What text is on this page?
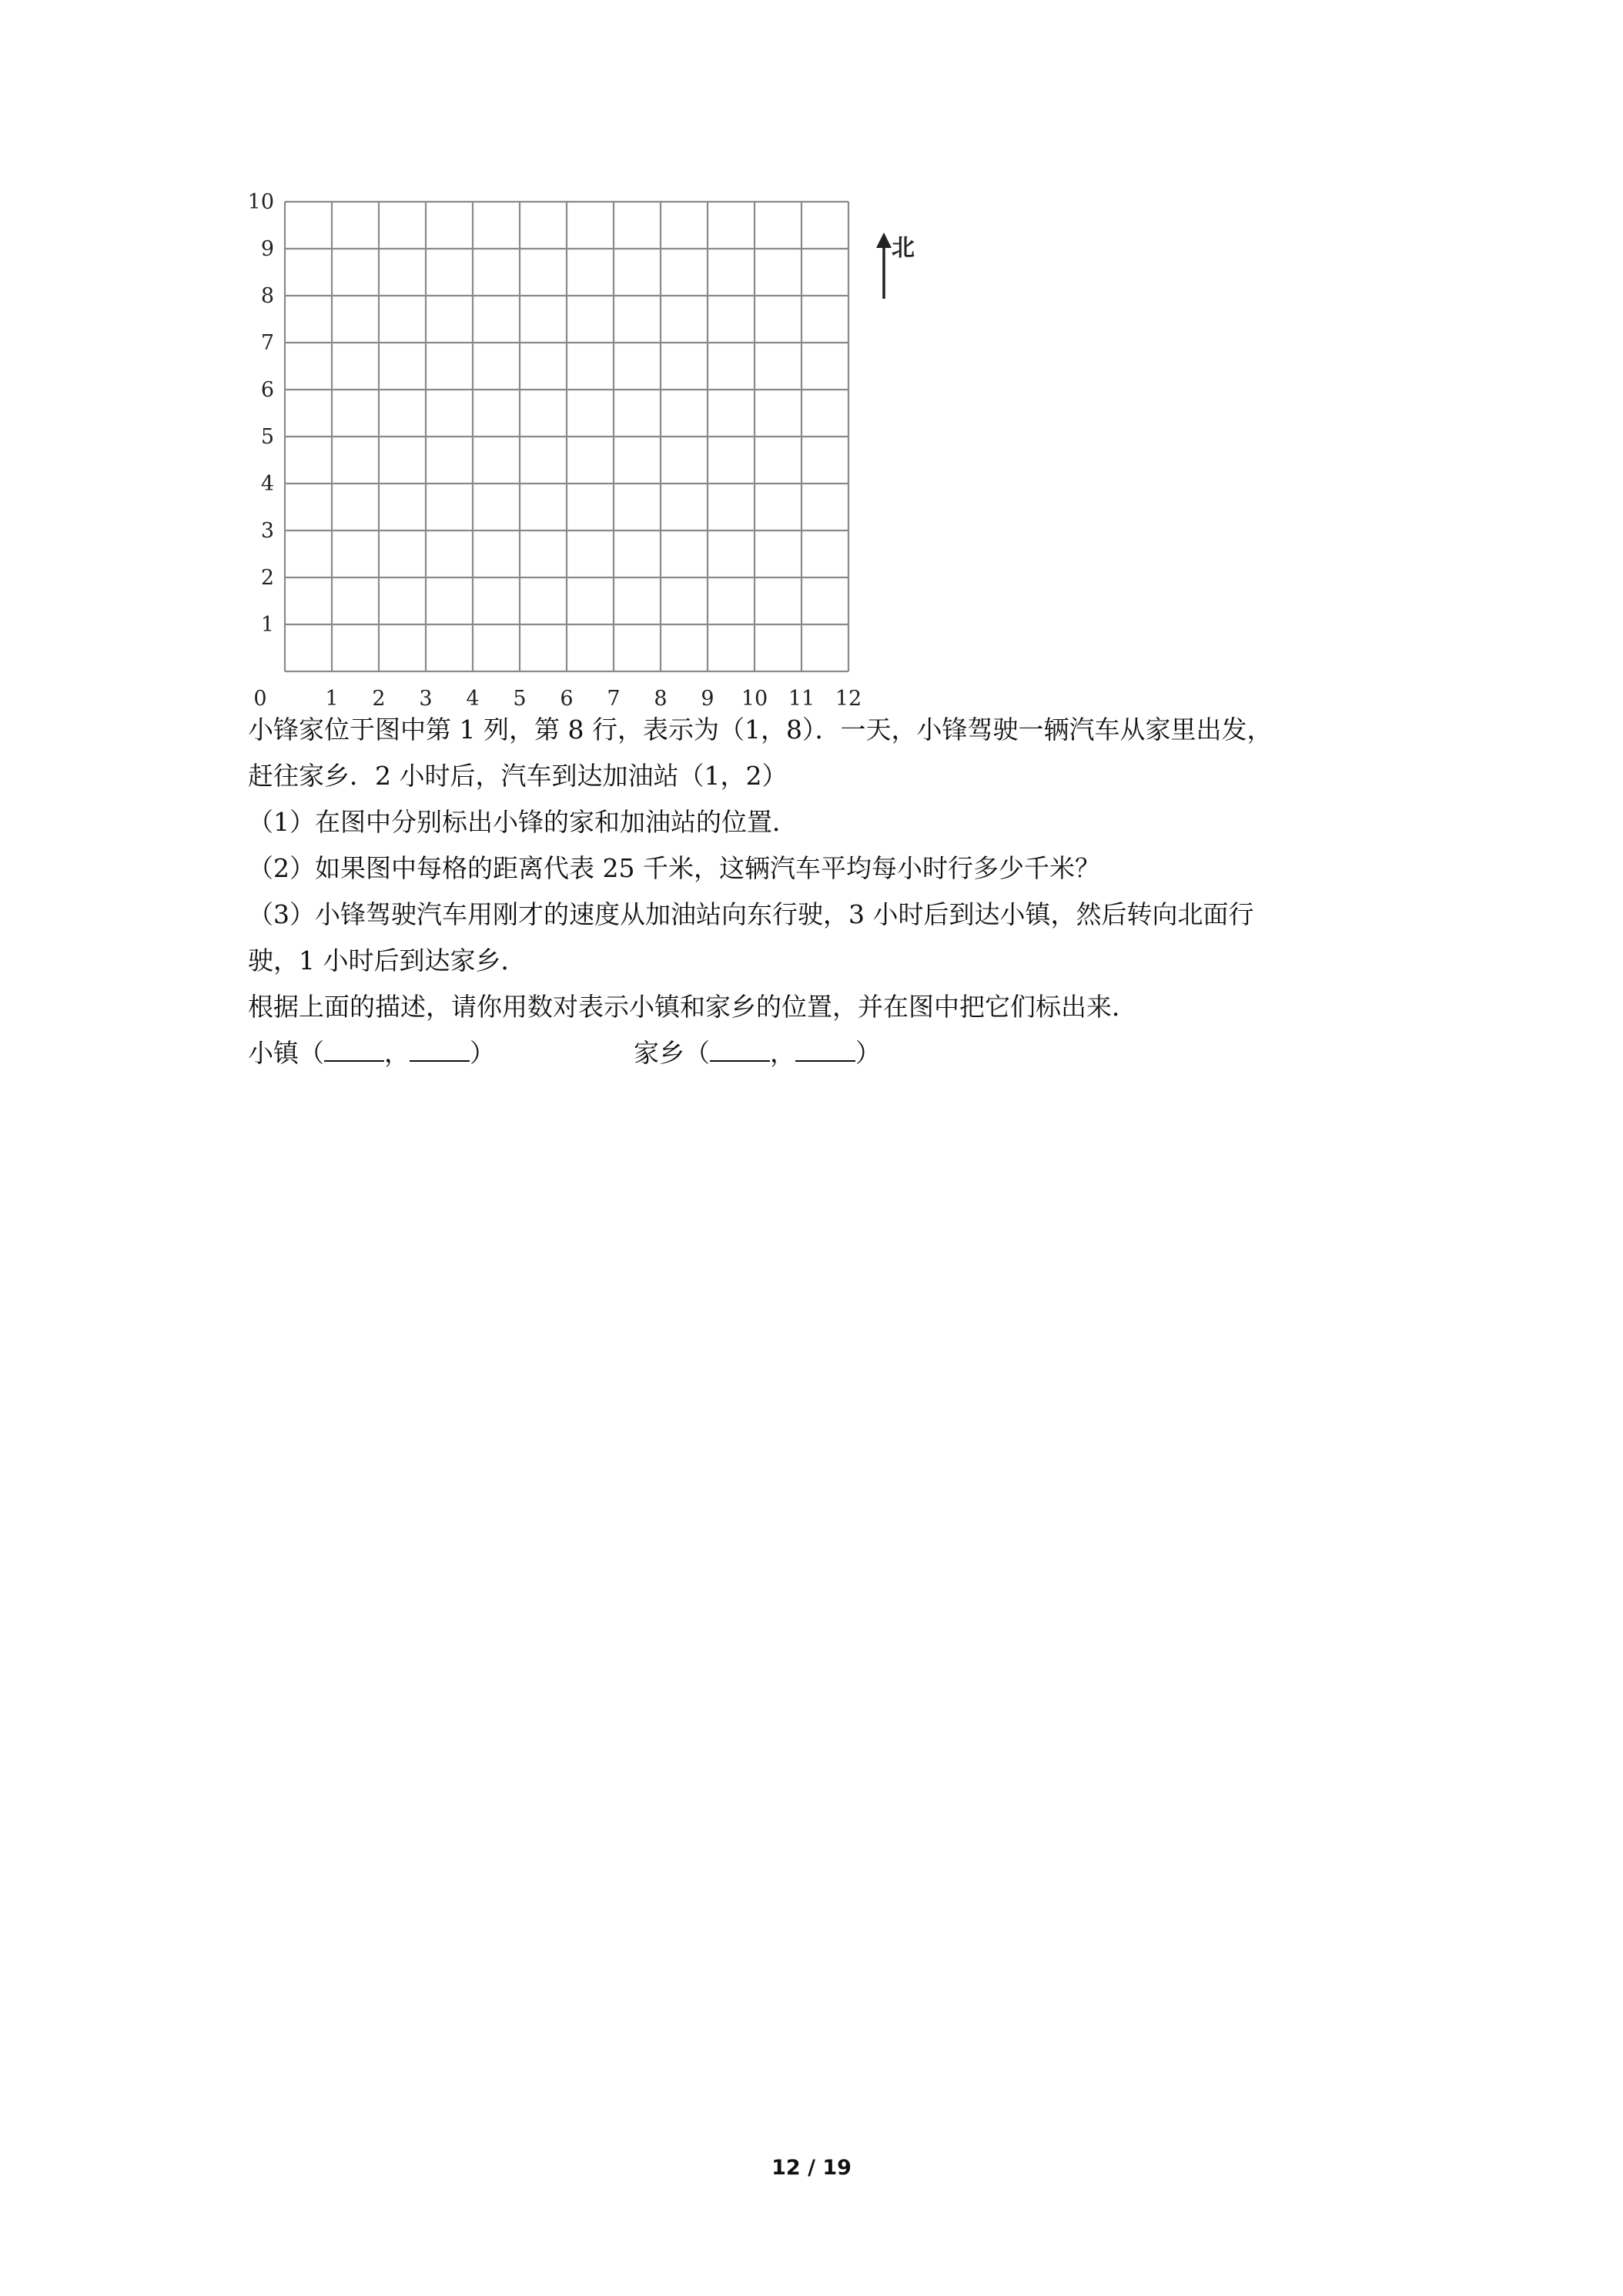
0	1 2 3 4 5 6 7 8 9 10 11 12
1
2
3
4
5
6
7
8
9
10
北

小锋家位于图中第 1 列，第 8 行，表示为（1，8）．一天，小锋驾驶一辆汽车从家里出发，

赶往家乡．2 小时后，汽车到达加油站（1，2）

（1）在图中分别标出小锋的家和加油站的位置．

（2）如果图中每格的距离代表 25 千米，这辆汽车平均每小时行多少千米？

（3）小锋驾驶汽车用刚才的速度从加油站向东行驶，3 小时后到达小镇，然后转向北面行

驶，1 小时后到达家乡．

根据上面的描述，请你用数对表示小镇和家乡的位置，并在图中把它们标出来．

小镇（ ， ）	家乡（ ， ）

12 / 19
